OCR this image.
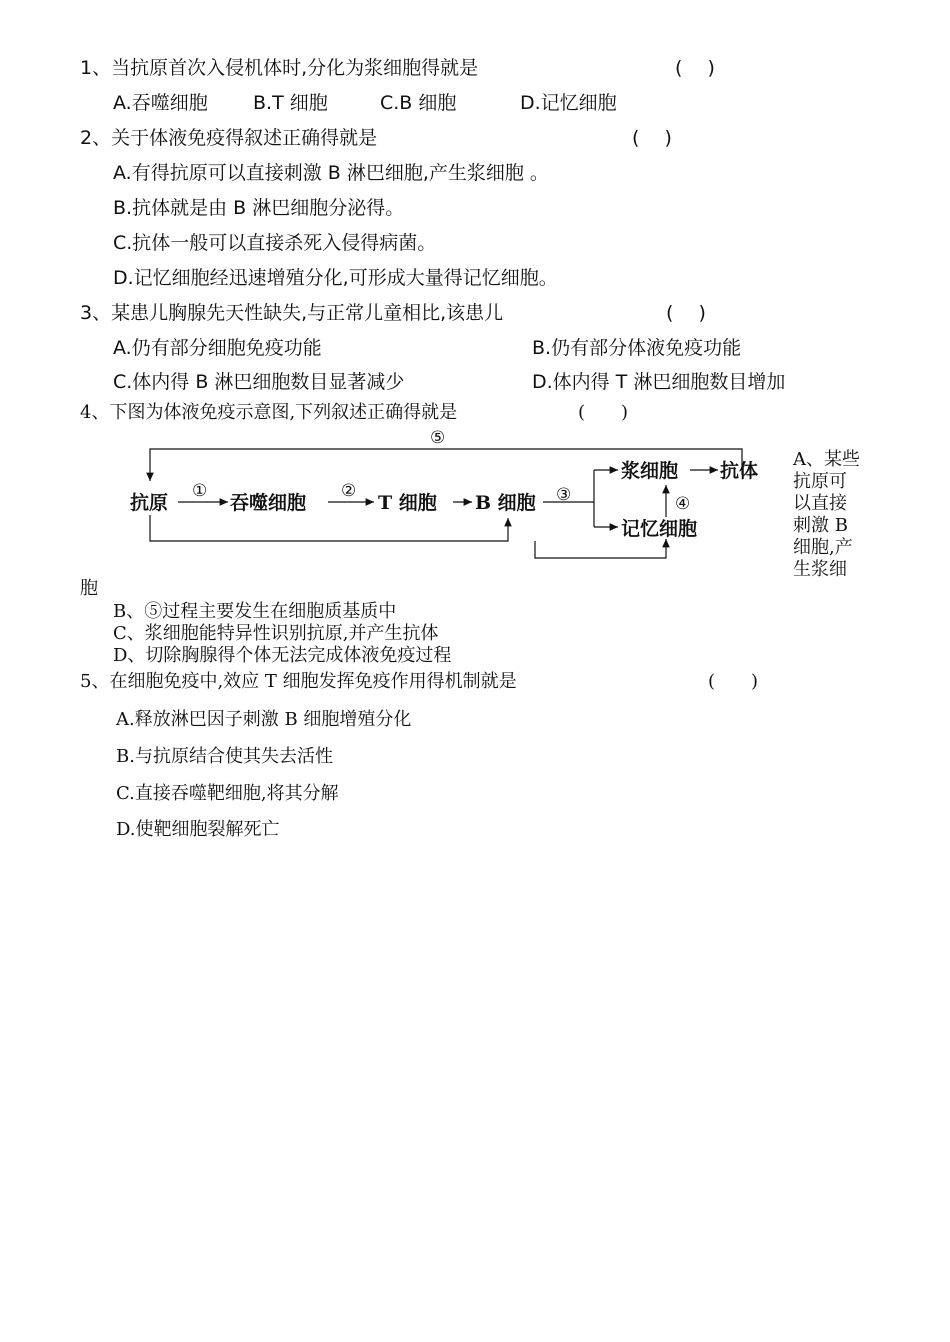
1、当抗原首次入侵机体时,分化为浆细胞得就是	(　 )
A.吞噬细胞 B.T 细胞	C.B 细胞	D.记忆细胞
2、关于体液免疫得叙述正确得就是	(　 )
A.有得抗原可以直接刺激 B 淋巴细胞,产生浆细胞 。
B.抗体就是由 B 淋巴细胞分泌得。
C.抗体一般可以直接杀死入侵得病菌。
D.记忆细胞经迅速增殖分化,可形成大量得记忆细胞。
3、某患儿胸腺先天性缺失,与正常儿童相比,该患儿	(　 )
A.仍有部分细胞免疫功能	B.仍有部分体液免疫功能
C.体内得 B 淋巴细胞数目显著减少	D.体内得 T 淋巴细胞数目增加
4、下图为体液免疫示意图,下列叙述正确得就是	(　　)
抗原	吞噬细胞	T 细胞 B 细胞
浆细胞 抗体
记忆细胞
①	②	③	④
⑤
A、某些
抗原可
以直接
刺激 B
细胞,产
生浆细
胞
B、⑤过程主要发生在细胞质基质中
C、浆细胞能特异性识别抗原,并产生抗体
D、切除胸腺得个体无法完成体液免疫过程
5、在细胞免疫中,效应 T 细胞发挥免疫作用得机制就是	(　　)
A.释放淋巴因子刺激 B 细胞增殖分化
B.与抗原结合使其失去活性
C.直接吞噬靶细胞,将其分解
D.使靶细胞裂解死亡
